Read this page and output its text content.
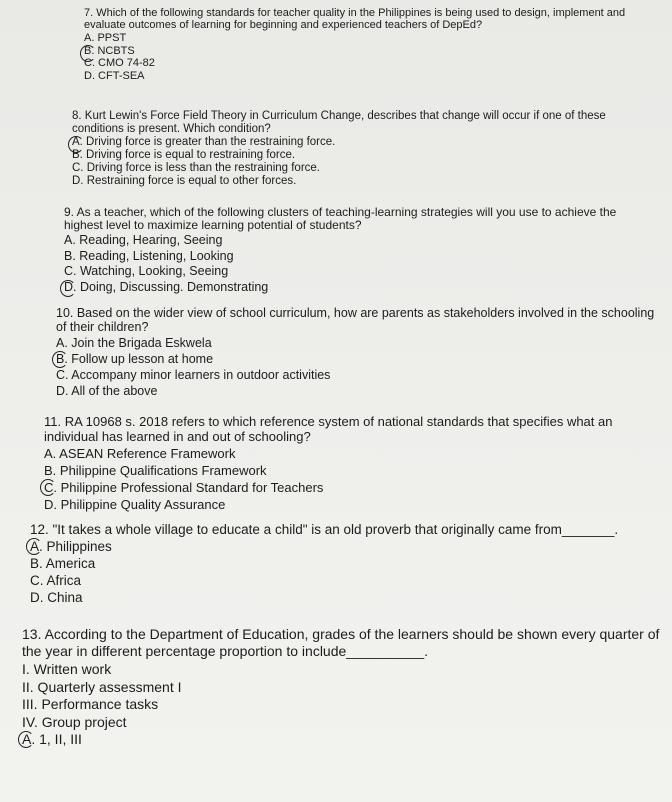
7. Which of the following standards for teacher quality in the Philippines is being used to design, implement and evaluate outcomes of learning for beginning and experienced teachers of DepEd?

A. PPST
B. NCBTS
C. CMO 74-82
D. CFT-SEA

8. Kurt Lewin's Force Field Theory in Curriculum Change, describes that change will occur if one of these conditions is present. Which condition?

A. Driving force is greater than the restraining force.
B. Driving force is equal to restraining force.
C. Driving force is less than the restraining force.
D. Restraining force is equal to other forces.

9. As a teacher, which of the following clusters of teaching-learning strategies will you use to achieve the highest level to maximize learning potential of students?

A. Reading, Hearing, Seeing
B. Reading, Listening, Looking
C. Watching, Looking, Seeing
D. Doing, Discussing. Demonstrating

10. Based on the wider view of school curriculum, how are parents as stakeholders involved in the schooling of their children?

A. Join the Brigada Eskwela
B. Follow up lesson at home
C. Accompany minor learners in outdoor activities
D. All of the above

11. RA 10968 s. 2018 refers to which reference system of national standards that specifies what an individual has learned in and out of schooling?

A. ASEAN Reference Framework
B. Philippine Qualifications Framework
C. Philippine Professional Standard for Teachers
D. Philippine Quality Assurance

12. "It takes a whole village to educate a child" is an old proverb that originally came from_______.

A. Philippines
B. America
C. Africa
D. China

13. According to the Department of Education, grades of the learners should be shown every quarter of the year in different percentage proportion to include__________.

I. Written work
II. Quarterly assessment I
III. Performance tasks
IV. Group project
A. 1, II, III
